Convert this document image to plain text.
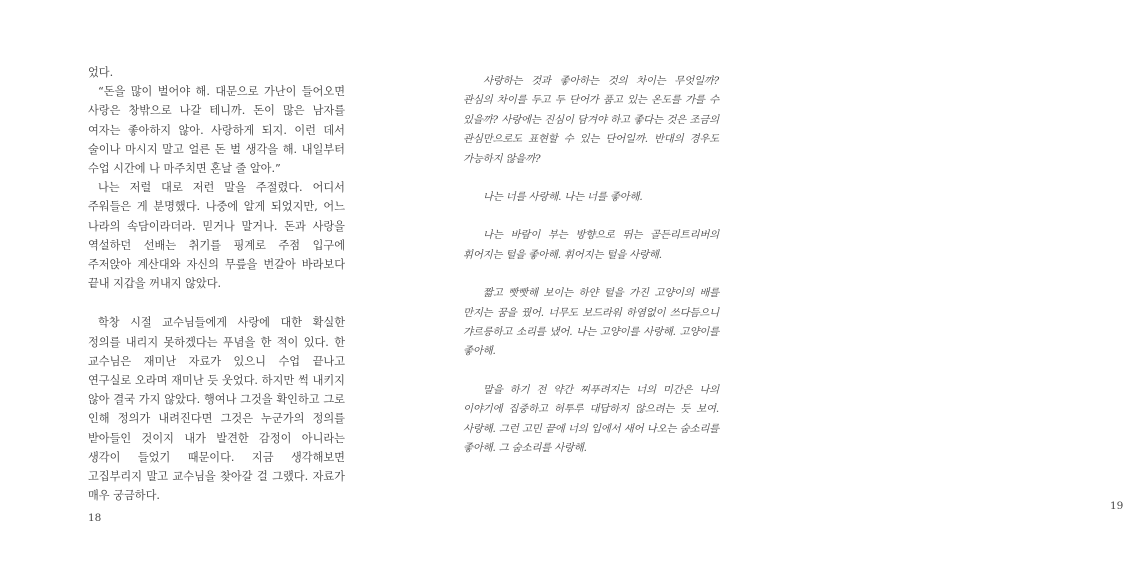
었다.

“돈을 많이 벌어야 해. 대문으로 가난이 들어오면 사랑은 창밖으로 나갈 테니까. 돈이 많은 남자를 여자는 좋아하지 않아. 사랑하게 되지. 이런 데서 술이나 마시지 말고 얼른 돈 벌 생각을 해. 내일부터 수업 시간에 나 마주치면 혼날 줄 알아.”

나는 저럴 대로 저런 말을 주절렸다. 어디서 주워들은 게 분명했다. 나중에 알게 되었지만, 어느 나라의 속담이라더라. 믿거나 말거나. 돈과 사랑을 역설하던 선배는 취기를 핑계로 주점 입구에 주저앉아 계산대와 자신의 무릎을 번갈아 바라보다 끝내 지갑을 꺼내지 않았다.

학창 시절 교수님들에게 사랑에 대한 확실한 정의를 내리지 못하겠다는 푸념을 한 적이 있다. 한 교수님은 재미난 자료가 있으니 수업 끝나고 연구실로 오라며 재미난 듯 웃었다. 하지만 썩 내키지 않아 결국 가지 않았다. 행여나 그것을 확인하고 그로 인해 정의가 내려진다면 그것은 누군가의 정의를 받아들인 것이지 내가 발견한 감정이 아니라는 생각이 들었기 때문이다. 지금 생각해보면 고집부리지 말고 교수님을 찾아갈 걸 그랬다. 자료가 매우 궁금하다.

18
19

사랑하는 것과 좋아하는 것의 차이는 무엇일까? 관심의 차이를 두고 두 단어가 품고 있는 온도를 가를 수 있을까? 사랑에는 진심이 담겨야 하고 좋다는 것은 조금의 관심만으로도 표현할 수 있는 단어일까. 반대의 경우도 가능하지 않을까?

나는 너를 사랑해. 나는 너를 좋아해.

나는 바람이 부는 방향으로 뛰는 골든리트리버의 휘어지는 털을 좋아해. 휘어지는 털을 사랑해.

짧고 빳빳해 보이는 하얀 털을 가진 고양이의 배를 만지는 꿈을 꿨어. 너무도 보드라워 하염없이 쓰다듬으니 갸르릉하고 소리를 냈어. 나는 고양이를 사랑해. 고양이를 좋아해.

말을 하기 전 약간 찌푸려지는 너의 미간은 나의 이야기에 집중하고 허투루 대답하지 않으려는 듯 보여. 사랑해. 그런 고민 끝에 너의 입에서 새어 나오는 숨소리를 좋아해. 그 숨소리를 사랑해.
